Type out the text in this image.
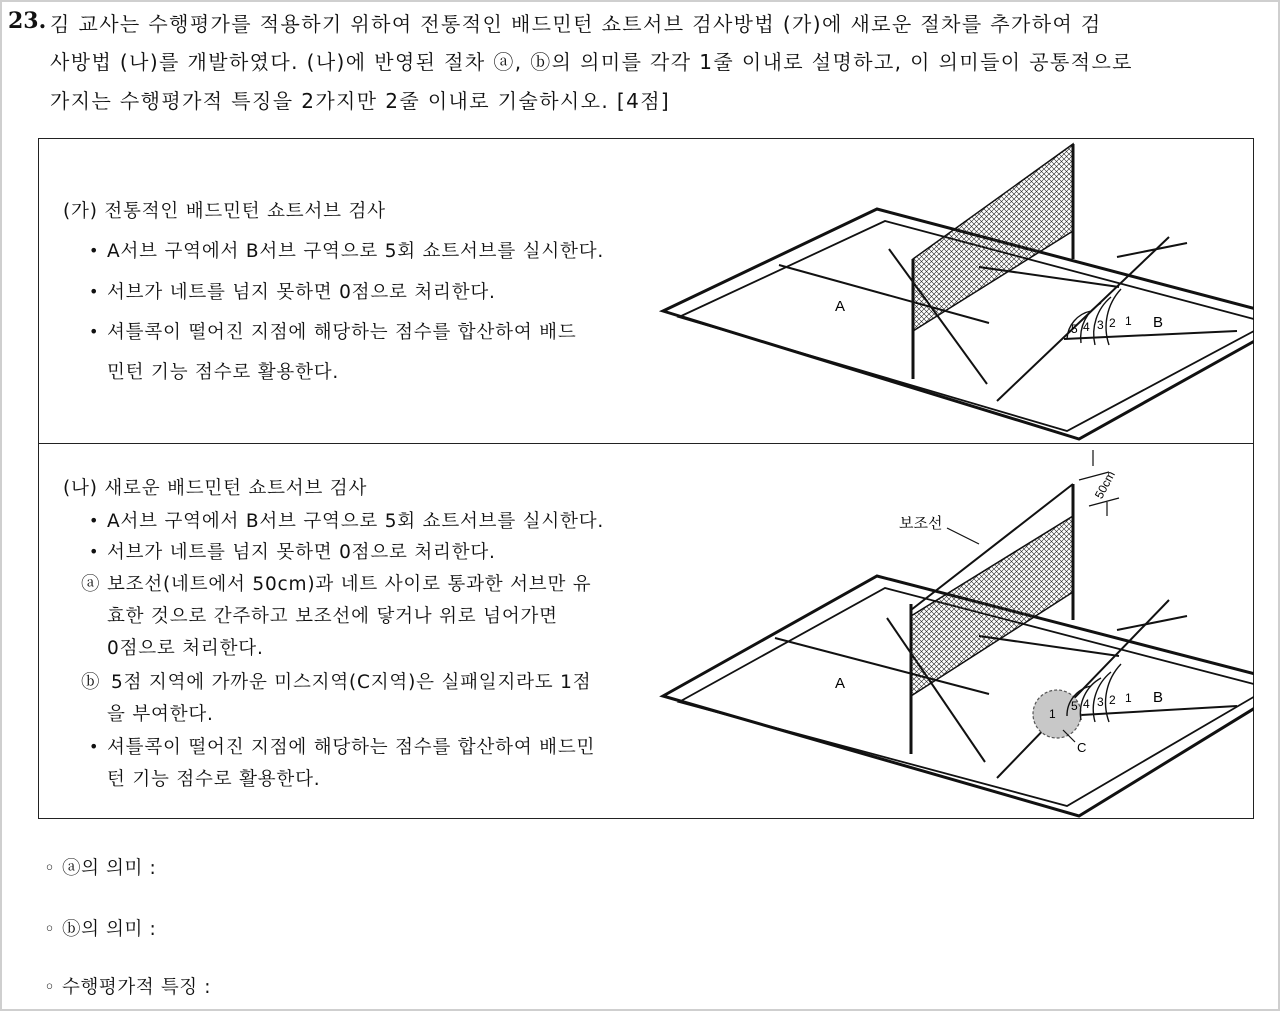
23. 김 교사는 수행평가를 적용하기 위하여 전통적인 배드민턴 쇼트서브 검사방법 (가)에 새로운 절차를 추가하여 검
사방법 (나)를 개발하였다. (나)에 반영된 절차 ⓐ, ⓑ의 의미를 각각 1줄 이내로 설명하고, 이 의미들이 공통적으로
가지는 수행평가적 특징을 2가지만 2줄 이내로 기술하시오. [4점]
(가) 전통적인 배드민턴 쇼트서브 검사
• A서브 구역에서 B서브 구역으로 5회 쇼트서브를 실시한다.
• 서브가 네트를 넘지 못하면 0점으로 처리한다.
• 셔틀콕이 떨어진 지점에 해당하는 점수를 합산하여 배드
민턴 기능 점수로 활용한다.
5 4 3 2 1
A
B
(나) 새로운 배드민턴 쇼트서브 검사
• A서브 구역에서 B서브 구역으로 5회 쇼트서브를 실시한다.
• 서브가 네트를 넘지 못하면 0점으로 처리한다.
ⓐ 보조선(네트에서 50cm)과 네트 사이로 통과한 서브만 유
효한 것으로 간주하고 보조선에 닿거나 위로 넘어가면
0점으로 처리한다.
ⓑ 5점 지역에 가까운 미스지역(C지역)은 실패일지라도 1점
을 부여한다.
• 셔틀콕이 떨어진 지점에 해당하는 점수를 합산하여 배드민
턴 기능 점수로 활용한다.
50cm
보조선
1
C
5 4 3 2 1
A
B
◦ ⓐ의 의미 :
◦ ⓑ의 의미 :
◦ 수행평가적 특징 :
